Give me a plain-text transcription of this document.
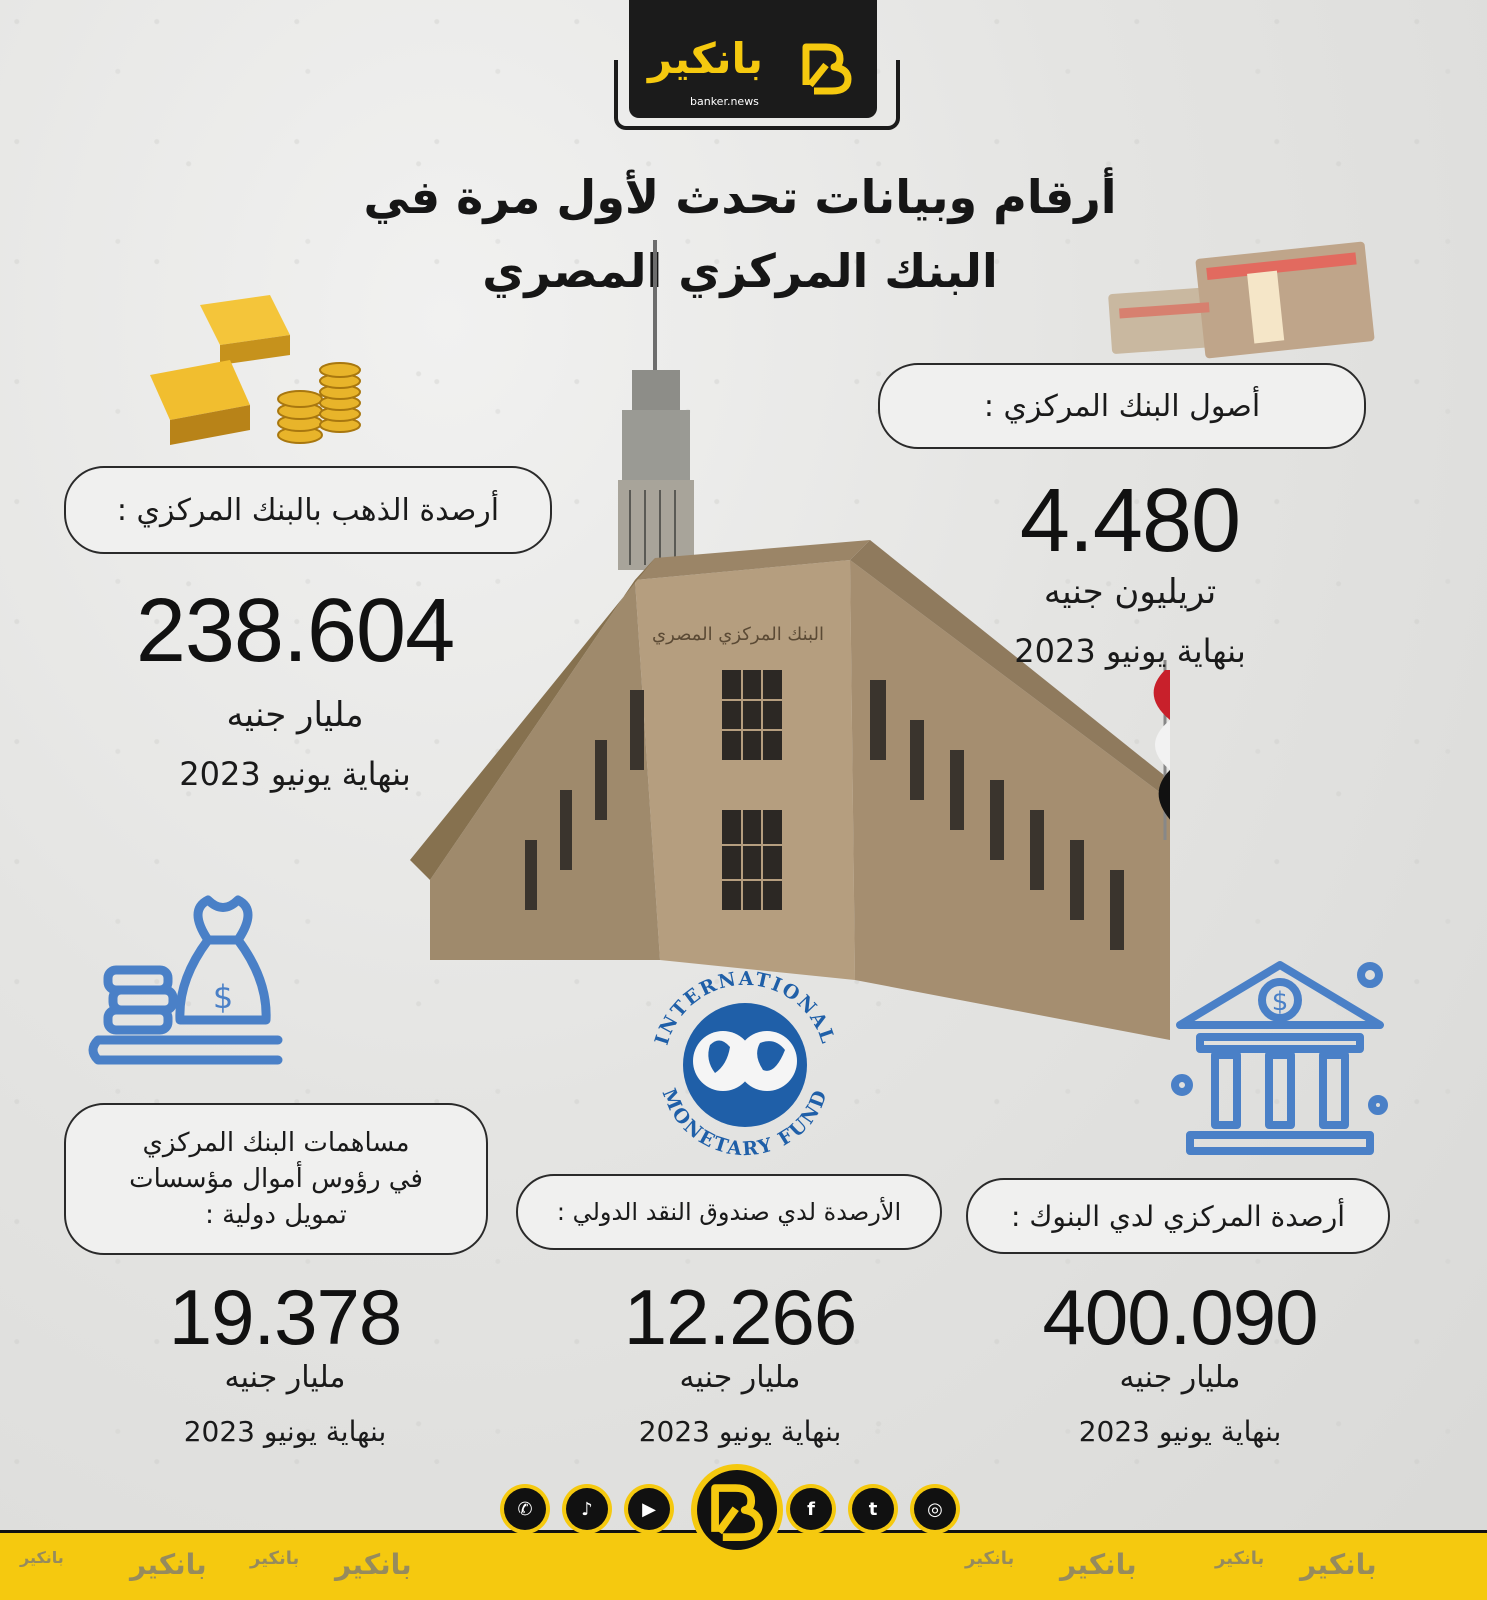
بانكير
banker.news
أرقام وبيانات تحدث لأول مرة في
البنك المركزي المصري
البنك المركزي المصري
أصول البنك المركزي :
4.480
تريليون جنيه
بنهاية يونيو 2023
أرصدة الذهب بالبنك المركزي :
238.604
مليار جنيه
بنهاية يونيو 2023
$	$
INTERNATIONAL
MONETARY FUND
أرصدة المركزي لدي البنوك :
400.090
مليار جنيه
بنهاية يونيو 2023
الأرصدة لدي صندوق النقد الدولي :
12.266
مليار جنيه
بنهاية يونيو 2023
مساهمات البنك المركزي
في رؤوس أموال مؤسسات
تمويل دولية :
19.378
مليار جنيه
بنهاية يونيو 2023
بانكير بانكير بانكير بانكير	بانكير بانكير	بانكير بانكير
✆	♪	▶	f	t	◎
